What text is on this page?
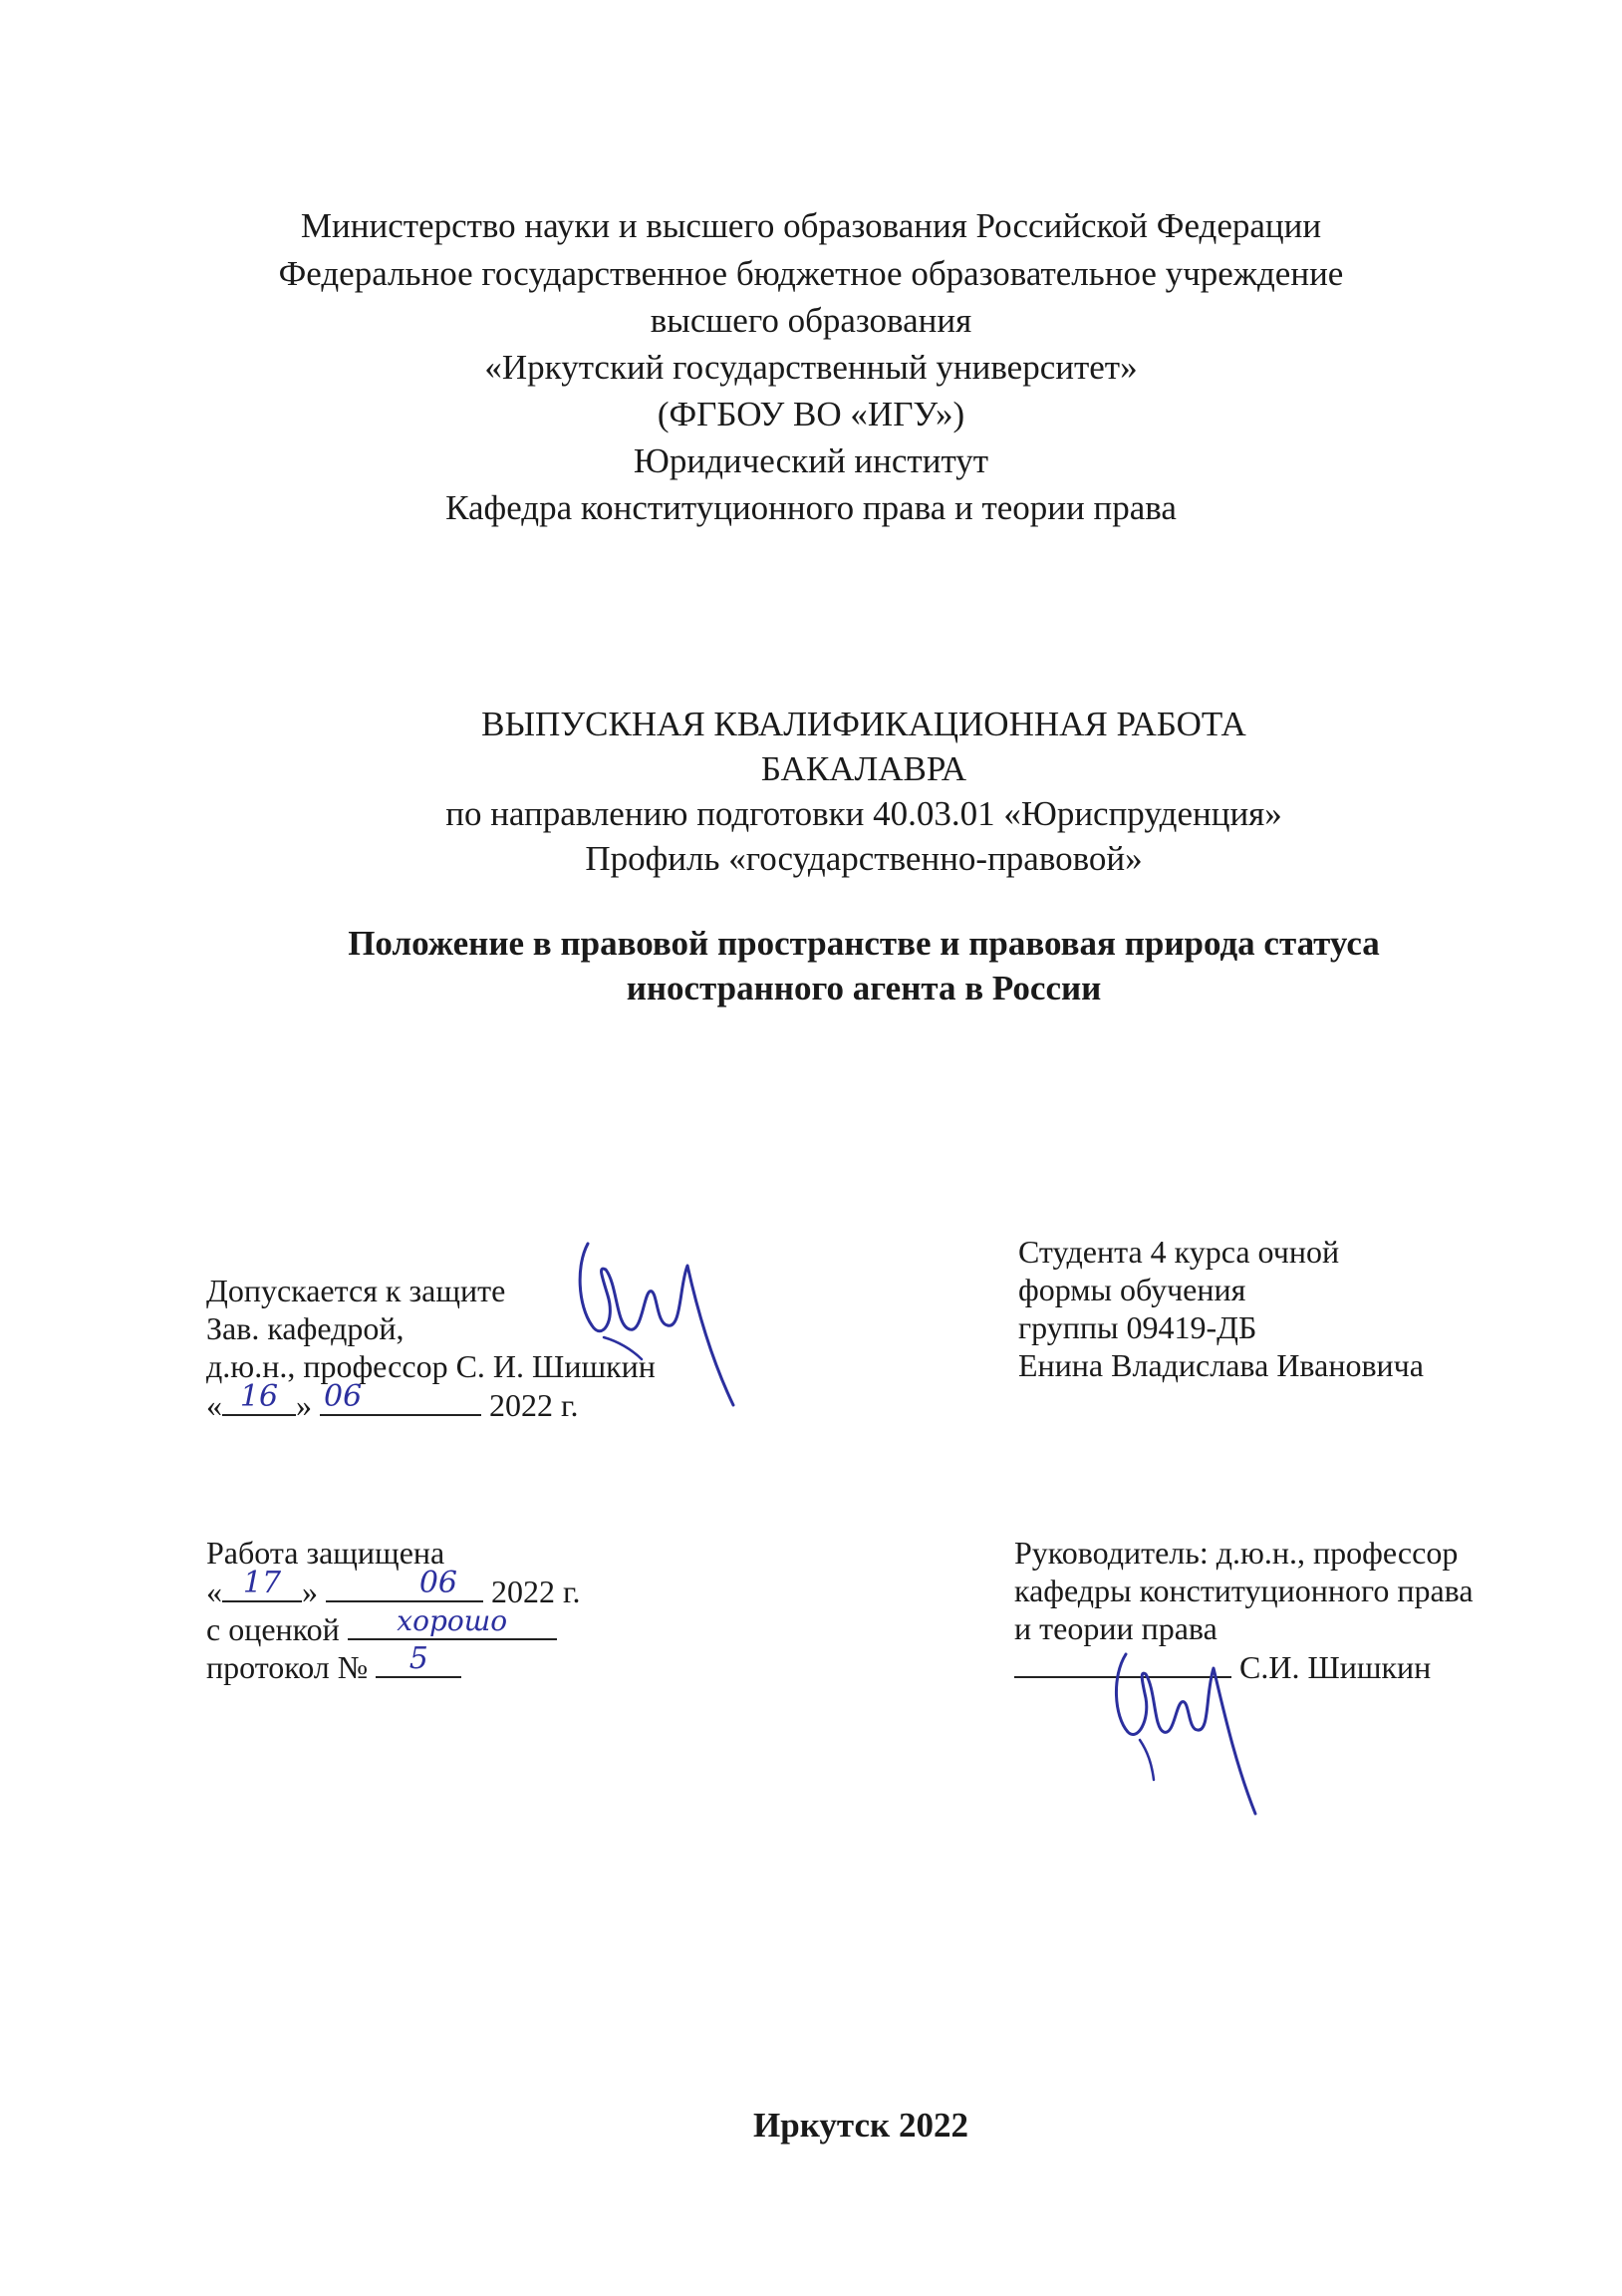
Министерство науки и высшего образования Российской Федерации
Федеральное государственное бюджетное образовательное учреждение
высшего образования
«Иркутский государственный университет»
(ФГБОУ ВО «ИГУ»)
Юридический институт
Кафедра конституционного права и теории права
ВЫПУСКНАЯ КВАЛИФИКАЦИОННАЯ РАБОТА
БАКАЛАВРА
по направлению подготовки 40.03.01 «Юриспруденция»
Профиль «государственно-правовой»
Положение в правовой пространстве и правовая природа статуса
иностранного агента в России
Допускается к защите
Зав. кафедрой,
д.ю.н., профессор С. И. Шишкин
« 16 » 06	2022 г.
Студента 4 курса очной
формы обучения
группы 09419-ДБ
Енина Владислава Ивановича
Работа защищена
« 17 »	06 2022 г.
с оценкой	хорошо
протокол №	5
Руководитель: д.ю.н., профессор
кафедры конституционного права
и теории права
С.И. Шишкин
Иркутск 2022
